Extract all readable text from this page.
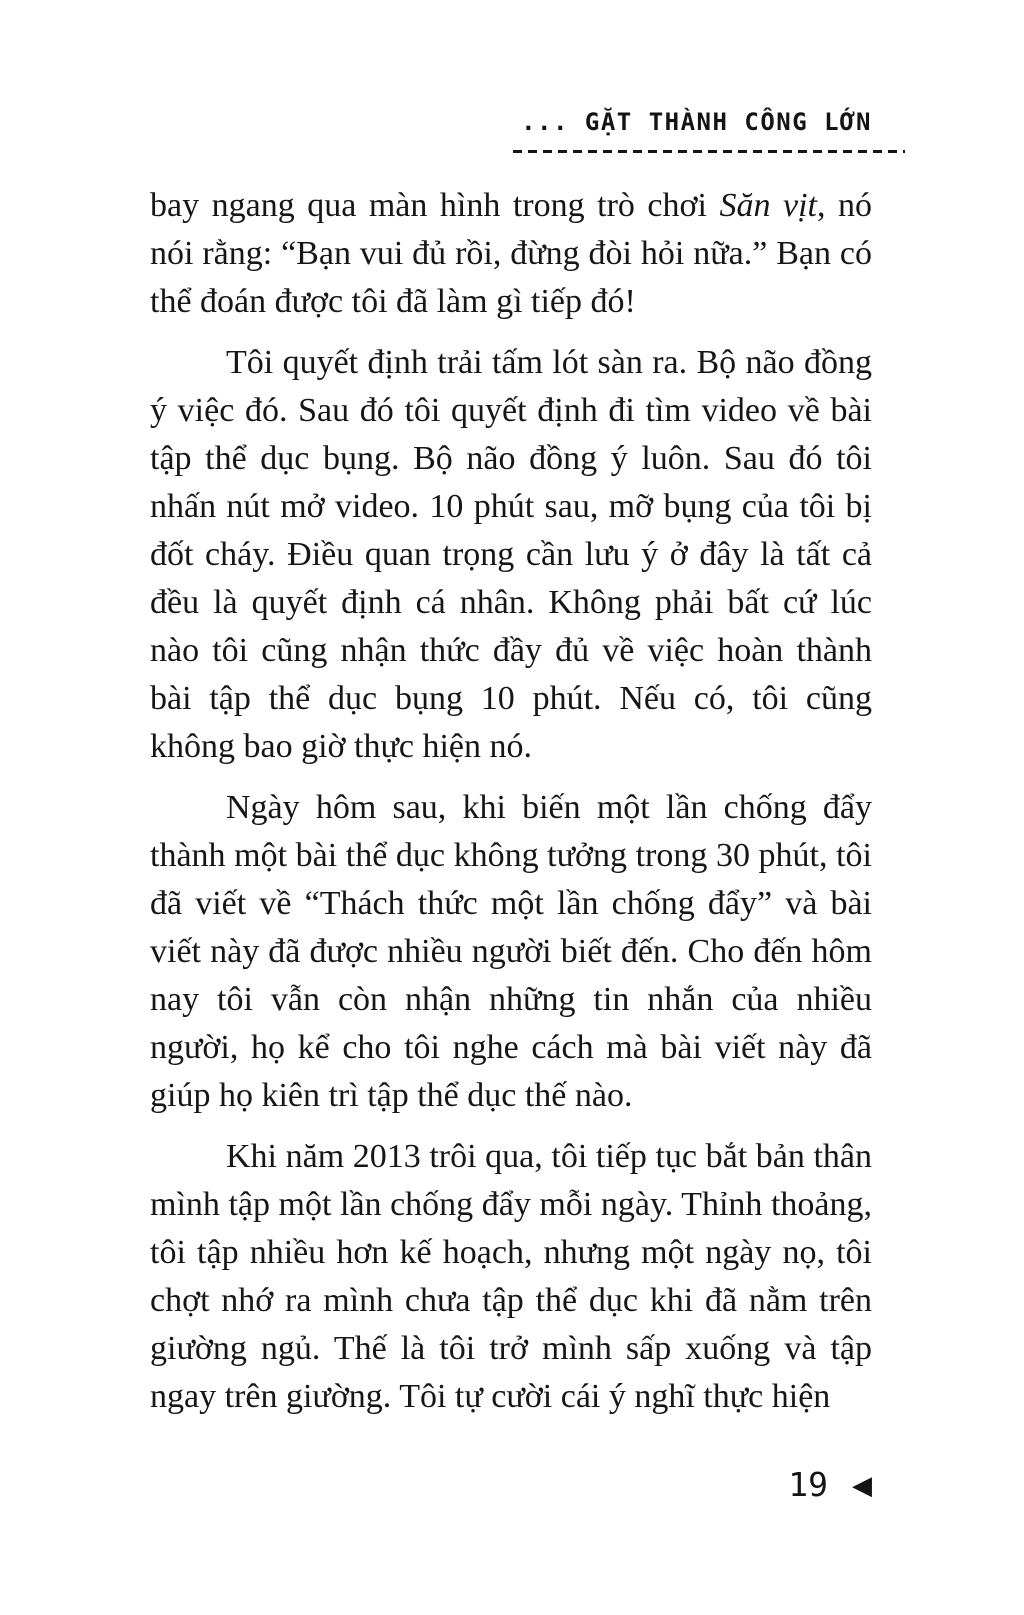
... GẶT THÀNH CÔNG LỚN

bay ngang qua màn hình trong trò chơi Săn vịt, nó nói rằng: “Bạn vui đủ rồi, đừng đòi hỏi nữa.” Bạn có thể đoán được tôi đã làm gì tiếp đó!

Tôi quyết định trải tấm lót sàn ra. Bộ não đồng ý việc đó. Sau đó tôi quyết định đi tìm video về bài tập thể dục bụng. Bộ não đồng ý luôn. Sau đó tôi nhấn nút mở video. 10 phút sau, mỡ bụng của tôi bị đốt cháy. Điều quan trọng cần lưu ý ở đây là tất cả đều là quyết định cá nhân. Không phải bất cứ lúc nào tôi cũng nhận thức đầy đủ về việc hoàn thành bài tập thể dục bụng 10 phút. Nếu có, tôi cũng không bao giờ thực hiện nó.

Ngày hôm sau, khi biến một lần chống đẩy thành một bài thể dục không tưởng trong 30 phút, tôi đã viết về “Thách thức một lần chống đẩy” và bài viết này đã được nhiều người biết đến. Cho đến hôm nay tôi vẫn còn nhận những tin nhắn của nhiều người, họ kể cho tôi nghe cách mà bài viết này đã giúp họ kiên trì tập thể dục thế nào.

Khi năm 2013 trôi qua, tôi tiếp tục bắt bản thân mình tập một lần chống đẩy mỗi ngày. Thỉnh thoảng, tôi tập nhiều hơn kế hoạch, nhưng một ngày nọ, tôi chợt nhớ ra mình chưa tập thể dục khi đã nằm trên giường ngủ. Thế là tôi trở mình sấp xuống và tập ngay trên giường. Tôi tự cười cái ý nghĩ thực hiện

19 ◀
